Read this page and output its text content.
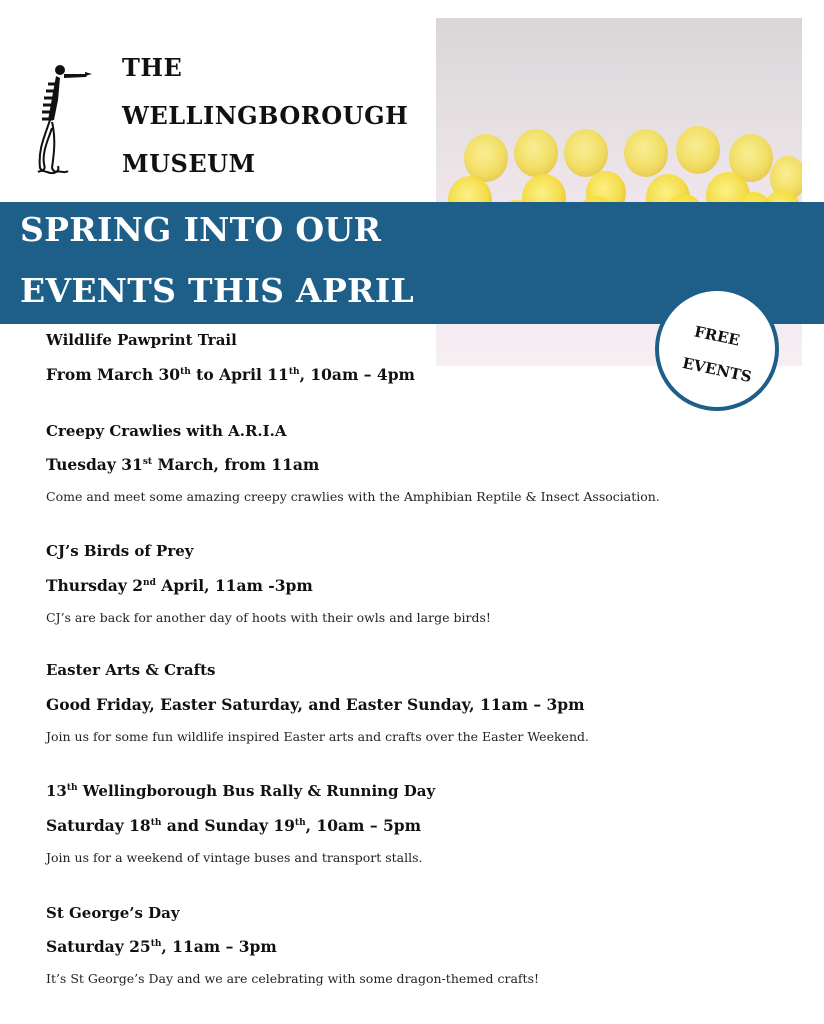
THE
WELLINGBOROUGH
MUSEUM
SPRING INTO OUR
EVENTS THIS APRIL
FREE
EVENTS
Wildlife Pawprint Trail
From March 30th to April 11th, 10am – 4pm
Creepy Crawlies with A.R.I.A
Tuesday 31st March, from 11am
Come and meet some amazing creepy crawlies with the Amphibian Reptile & Insect Association.
CJ’s Birds of Prey
Thursday 2nd April, 11am -3pm
CJ’s are back for another day of hoots with their owls and large birds!
Easter Arts & Crafts
Good Friday, Easter Saturday, and Easter Sunday, 11am – 3pm
Join us for some fun wildlife inspired Easter arts and crafts over the Easter Weekend.
13th Wellingborough Bus Rally & Running Day
Saturday 18th and Sunday 19th, 10am – 5pm
Join us for a weekend of vintage buses and transport stalls.
St George’s Day
Saturday 25th, 11am – 3pm
It’s St George’s Day and we are celebrating with some dragon-themed crafts!
